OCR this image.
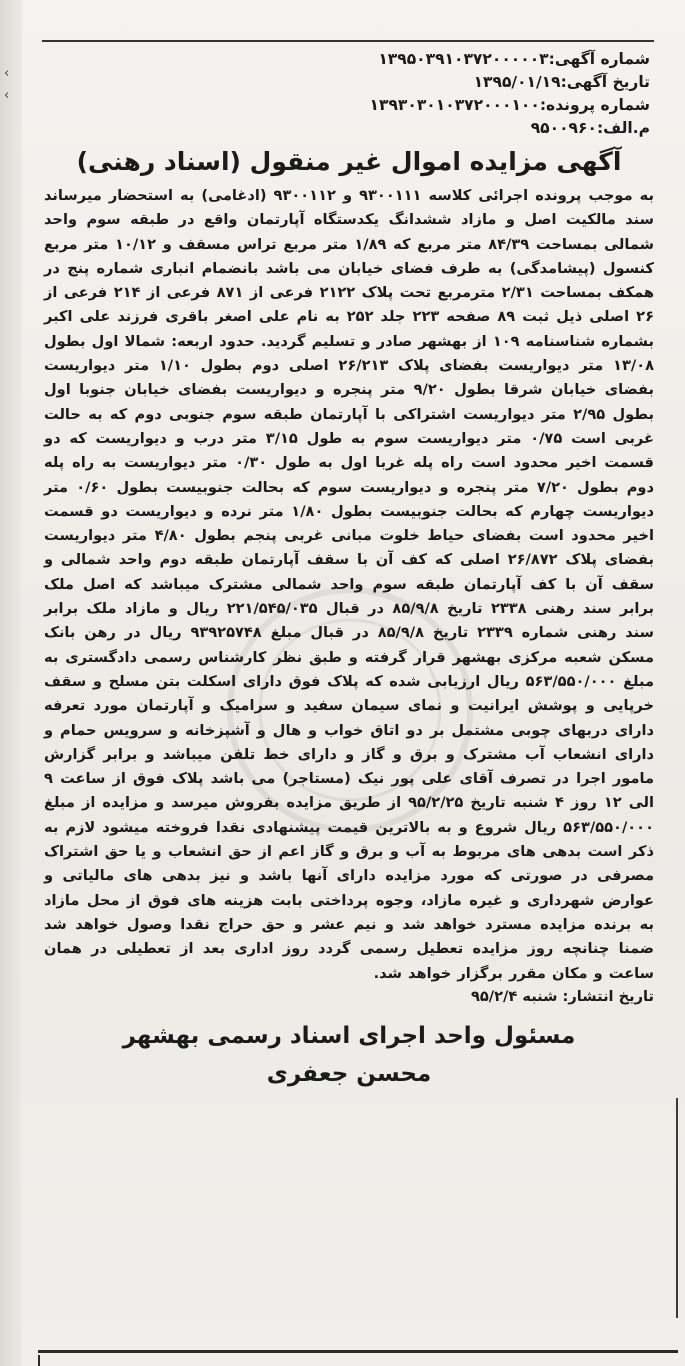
‹
‹
شماره آگهی:۱۳۹۵۰۳۹۱۰۳۷۲۰۰۰۰۰۳
تاریخ آگهی:۱۳۹۵/۰۱/۱۹
شماره پرونده:۱۳۹۳۰۳۰۱۰۳۷۲۰۰۰۱۰۰
م.الف:۹۵۰۰۹۶۰
آگهی مزایده اموال غیر منقول (اسناد رهنی)
به موجب پرونده اجرائی کلاسه ۹۳۰۰۱۱۱ و ۹۳۰۰۱۱۲ (ادغامی) به استحضار میرساند سند مالکیت اصل و مازاد ششدانگ یکدستگاه آپارتمان واقع در طبقه سوم واحد شمالی بمساحت ۸۴/۳۹ متر مربع که ۱/۸۹ متر مربع تراس مسقف و ۱۰/۱۲ متر مربع کنسول (پیشامدگی) به طرف فضای خیابان می باشد بانضمام انباری شماره پنج در همکف بمساحت ۲/۳۱ مترمربع تحت پلاک ۲۱۲۲ فرعی از ۸۷۱ فرعی از ۲۱۴ فرعی از ۲۶ اصلی ذیل ثبت ۸۹ صفحه ۲۲۳ جلد ۲۵۲ به نام علی اصغر باقری فرزند علی اکبر بشماره شناسنامه ۱۰۹ از بهشهر صادر و تسلیم گردید. حدود اربعه: شمالا اول بطول ۱۳/۰۸ متر دیواریست بفضای پلاک ۲۶/۲۱۳ اصلی دوم بطول ۱/۱۰ متر دیواریست بفضای خیابان شرقا بطول ۹/۲۰ متر پنجره و دیواریست بفضای خیابان جنوبا اول بطول ۲/۹۵ متر دیواریست اشتراکی با آپارتمان طبقه سوم جنوبی دوم که به حالت غربی است ۰/۷۵ متر دیواریست سوم به طول ۳/۱۵ متر درب و دیواریست که دو قسمت اخیر محدود است راه پله غربا اول به طول ۰/۳۰ متر دیواریست به راه پله دوم بطول ۷/۲۰ متر پنجره و دیواریست سوم که بحالت جنوبیست بطول ۰/۶۰ متر دیواریست چهارم که بحالت جنوبیست بطول ۱/۸۰ متر نرده و دیواریست دو قسمت اخیر محدود است بفضای حیاط خلوت مبانی غربی پنجم بطول ۴/۸۰ متر دیواریست بفضای پلاک ۲۶/۸۷۲ اصلی که کف آن با سقف آپارتمان طبقه دوم واحد شمالی و سقف آن با کف آپارتمان طبقه سوم واحد شمالی مشترک میباشد که اصل ملک برابر سند رهنی ۲۳۳۸ تاریخ ۸۵/۹/۸ در قبال ۲۲۱/۵۴۵/۰۳۵ ریال و مازاد ملک برابر سند رهنی شماره ۲۳۳۹ تاریخ ۸۵/۹/۸ در قبال مبلغ ۹۳۹۲۵۷۴۸ ریال در رهن بانک مسکن شعبه مرکزی بهشهر قرار گرفته و طبق نظر کارشناس رسمی دادگستری به مبلغ ۵۶۳/۵۵۰/۰۰۰ ریال ارزیابی شده که پلاک فوق دارای اسکلت بتن مسلح و سقف خرپایی و پوشش ایرانیت و نمای سیمان سفید و سرامیک و آپارتمان مورد تعرفه دارای دربهای چوبی مشتمل بر دو اتاق خواب و هال و آشپزخانه و سرویس حمام و دارای انشعاب آب مشترک و برق و گاز و دارای خط تلفن میباشد و برابر گزارش مامور اجرا در تصرف آقای علی پور نیک (مستاجر) می باشد پلاک فوق از ساعت ۹ الی ۱۲ روز ۴ شنبه تاریخ ۹۵/۲/۲۵ از طریق مزایده بفروش میرسد و مزایده از مبلغ ۵۶۳/۵۵۰/۰۰۰ ریال شروع و به بالاترین قیمت پیشنهادی نقدا فروخته میشود لازم به ذکر است بدهی های مربوط به آب و برق و گاز اعم از حق انشعاب و یا حق اشتراک مصرفی در صورتی که مورد مزایده دارای آنها باشد و نیز بدهی های مالیاتی و عوارض شهرداری و غیره مازاد، وجوه پرداختی بابت هزینه های فوق از محل مازاد به برنده مزایده مسترد خواهد شد و نیم عشر و حق حراج نقدا وصول خواهد شد ضمنا چنانچه روز مزایده تعطیل رسمی گردد روز اداری بعد از تعطیلی در همان ساعت و مکان مقرر برگزار خواهد شد.
تاریخ انتشار: شنبه ۹۵/۲/۴
مسئول واحد اجرای اسناد رسمی بهشهر
محسن جعفری
